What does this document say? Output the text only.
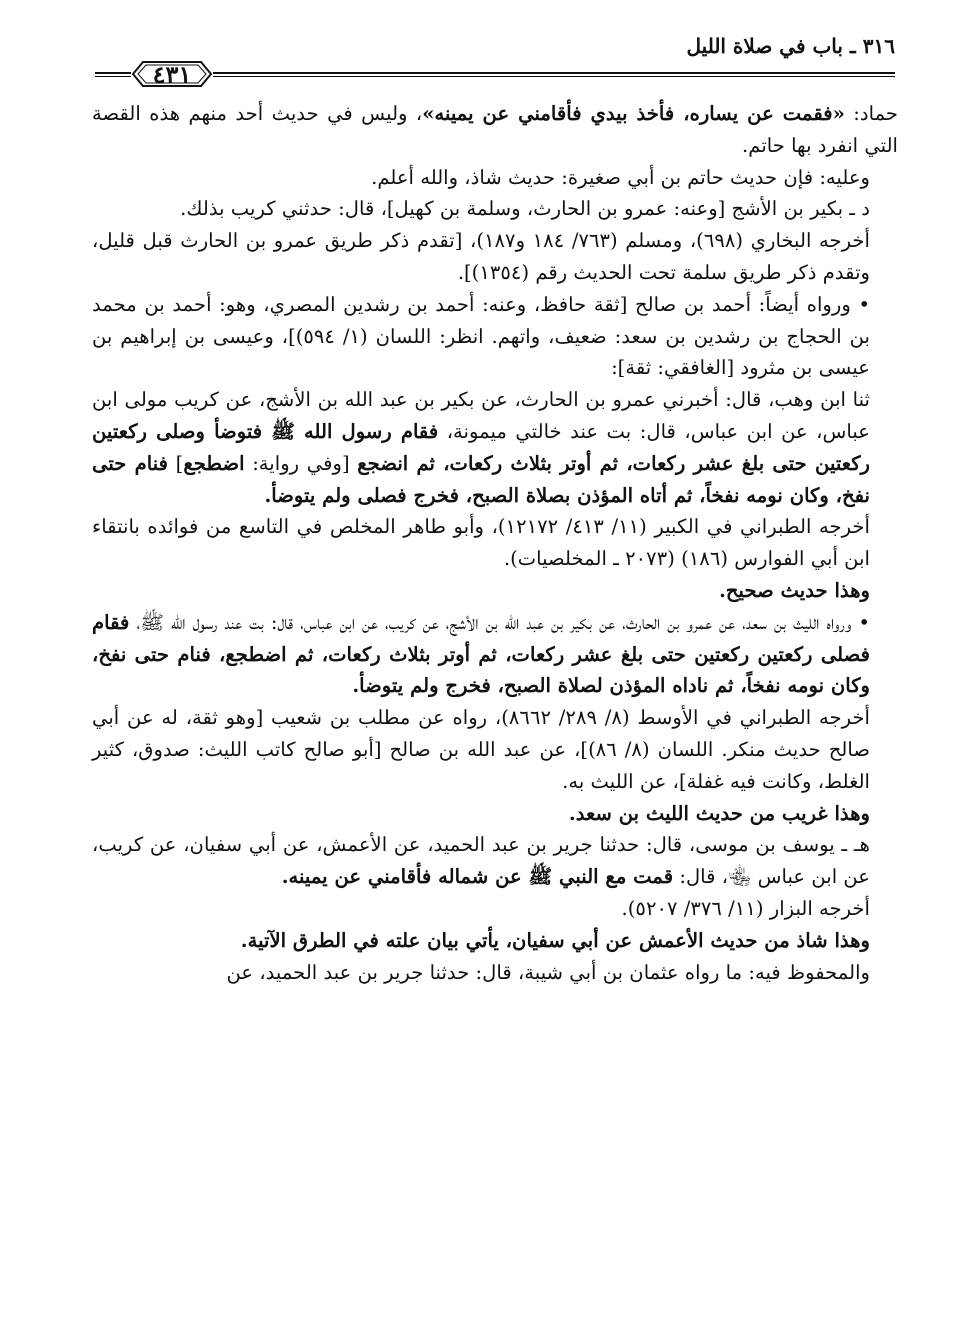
٣١٦ ـ باب في صلاة الليل
٤٣١

حماد: «فقمت عن يساره، فأخذ بيدي فأقامني عن يمينه»، وليس في حديث أحد منهم هذه القصة التي انفرد بها حاتم.

وعليه: فإن حديث حاتم بن أبي صغيرة: حديث شاذ، والله أعلم.

د ـ بكير بن الأشج [وعنه: عمرو بن الحارث، وسلمة بن كهيل]، قال: حدثني كريب بذلك.

أخرجه البخاري (٦٩٨)، ومسلم (٧٦٣/ ١٨٤ و١٨٧)، [تقدم ذكر طريق عمرو بن الحارث قبل قليل، وتقدم ذكر طريق سلمة تحت الحديث رقم (١٣٥٤)].

• ورواه أيضاً: أحمد بن صالح [ثقة حافظ، وعنه: أحمد بن رشدين المصري، وهو: أحمد بن محمد بن الحجاج بن رشدين بن سعد: ضعيف، واتهم. انظر: اللسان (١/ ٥٩٤)]، وعيسى بن إبراهيم بن عيسى بن مثرود [الغافقي: ثقة]:

ثنا ابن وهب، قال: أخبرني عمرو بن الحارث، عن بكير بن عبد الله بن الأشج، عن كريب مولى ابن عباس، عن ابن عباس، قال: بت عند خالتي ميمونة، فقام رسول الله ﷺ فتوضأ وصلى ركعتين ركعتين حتى بلغ عشر ركعات، ثم أوتر بثلاث ركعات، ثم انضجع [وفي رواية: اضطجع] فنام حتى نفخ، وكان نومه نفخاً، ثم أتاه المؤذن بصلاة الصبح، فخرج فصلى ولم يتوضأ.

أخرجه الطبراني في الكبير (١١/ ٤١٣/ ١٢١٧٢)، وأبو طاهر المخلص في التاسع من فوائده بانتقاء ابن أبي الفوارس (١٨٦) (٢٠٧٣ ـ المخلصيات).

وهذا حديث صحيح.

• ورواه الليث بن سعد، عن عمرو بن الحارث، عن بكير بن عبد الله بن الأشج، عن كريب، عن ابن عباس، قال: بت عند رسول الله ﷺ، فقام فصلى ركعتين ركعتين حتى بلغ عشر ركعات، ثم أوتر بثلاث ركعات، ثم اضطجع، فنام حتى نفخ، وكان نومه نفخاً، ثم ناداه المؤذن لصلاة الصبح، فخرج ولم يتوضأ.

أخرجه الطبراني في الأوسط (٨/ ٢٨٩/ ٨٦٦٢)، رواه عن مطلب بن شعيب [وهو ثقة، له عن أبي صالح حديث منكر. اللسان (٨/ ٨٦)]، عن عبد الله بن صالح [أبو صالح كاتب الليث: صدوق، كثير الغلط، وكانت فيه غفلة]، عن الليث به.

وهذا غريب من حديث الليث بن سعد.

هـ ـ يوسف بن موسى، قال: حدثنا جرير بن عبد الحميد، عن الأعمش، عن أبي سفيان، عن كريب، عن ابن عباس ﵄، قال: قمت مع النبي ﷺ عن شماله فأقامني عن يمينه.

أخرجه البزار (١١/ ٣٧٦/ ٥٢٠٧).

وهذا شاذ من حديث الأعمش عن أبي سفيان، يأتي بيان علته في الطرق الآتية.

والمحفوظ فيه: ما رواه عثمان بن أبي شيبة، قال: حدثنا جرير بن عبد الحميد، عن
